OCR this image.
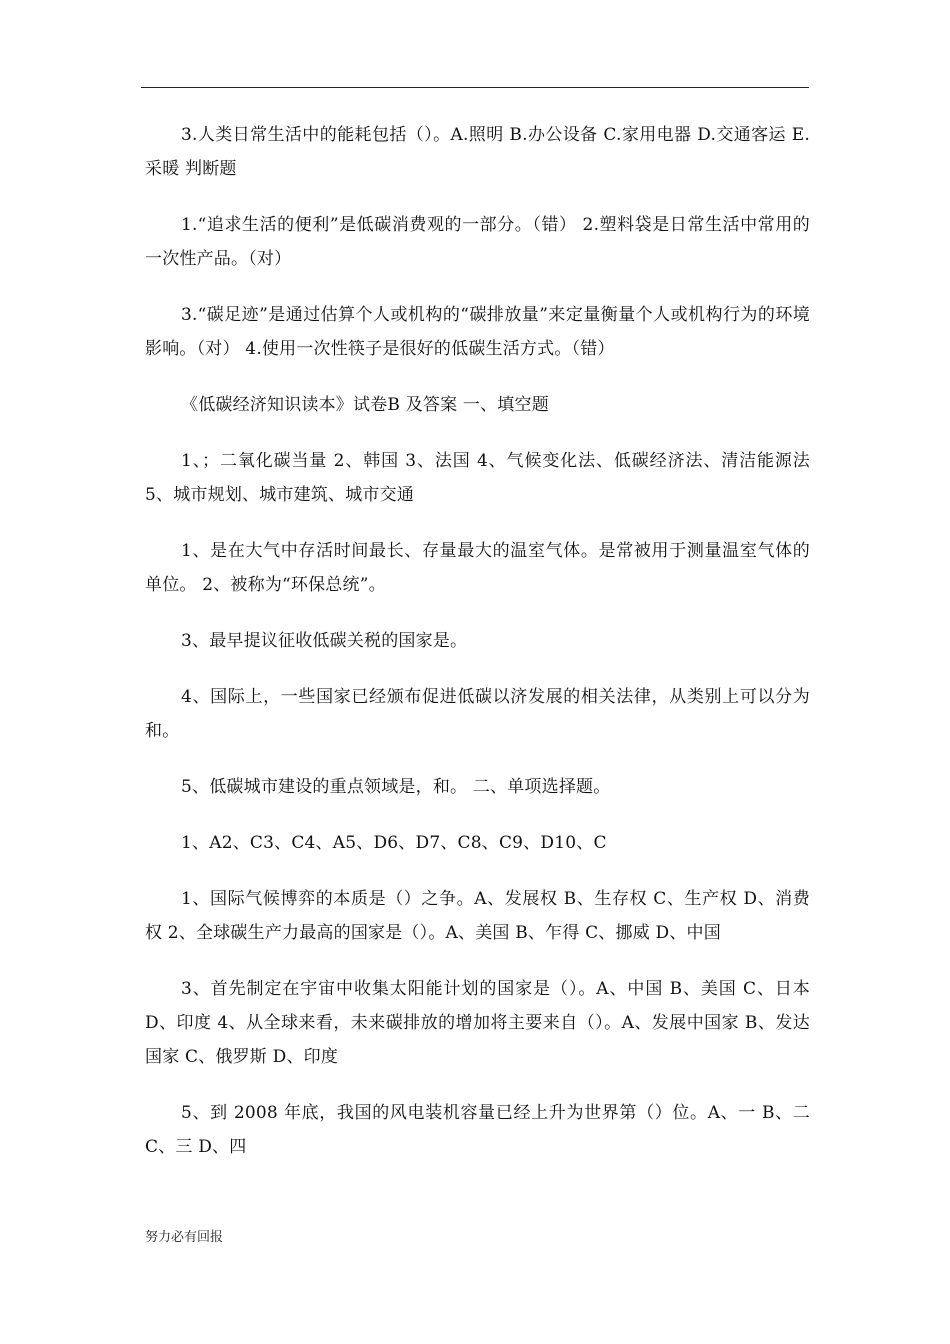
3.人类日常生活中的能耗包括（）。A.照明 B.办公设备 C.家用电器 D.交通客运 E.采暖 判断题

1.“追求生活的便利”是低碳消费观的一部分。（错） 2.塑料袋是日常生活中常用的一次性产品。（对）

3.“碳足迹”是通过估算个人或机构的“碳排放量”来定量衡量个人或机构行为的环境影响。（对） 4.使用一次性筷子是很好的低碳生活方式。（错）

《低碳经济知识读本》试卷B 及答案 一、填空题

1、；二氧化碳当量 2、韩国 3、法国 4、气候变化法、低碳经济法、清洁能源法 5、城市规划、城市建筑、城市交通

1、是在大气中存活时间最长、存量最大的温室气体。是常被用于测量温室气体的单位。 2、被称为“环保总统”。

3、最早提议征收低碳关税的国家是。

4、国际上，一些国家已经颁布促进低碳以济发展的相关法律，从类别上可以分为 和。

5、低碳城市建设的重点领域是，和。 二、单项选择题。

1、A2、C3、C4、A5、D6、D7、C8、C9、D10、C

1、国际气候博弈的本质是（）之争。A、发展权 B、生存权 C、生产权 D、消费权 2、全球碳生产力最高的国家是（）。A、美国 B、乍得 C、挪威 D、中国

3、首先制定在宇宙中收集太阳能计划的国家是（）。A、中国 B、美国 C、日本 D、印度 4、从全球来看，未来碳排放的增加将主要来自（）。A、发展中国家 B、发达国家 C、俄罗斯 D、印度

5、到 2008 年底，我国的风电装机容量已经上升为世界第（）位。A、一 B、二 C、三 D、四

努力必有回报
